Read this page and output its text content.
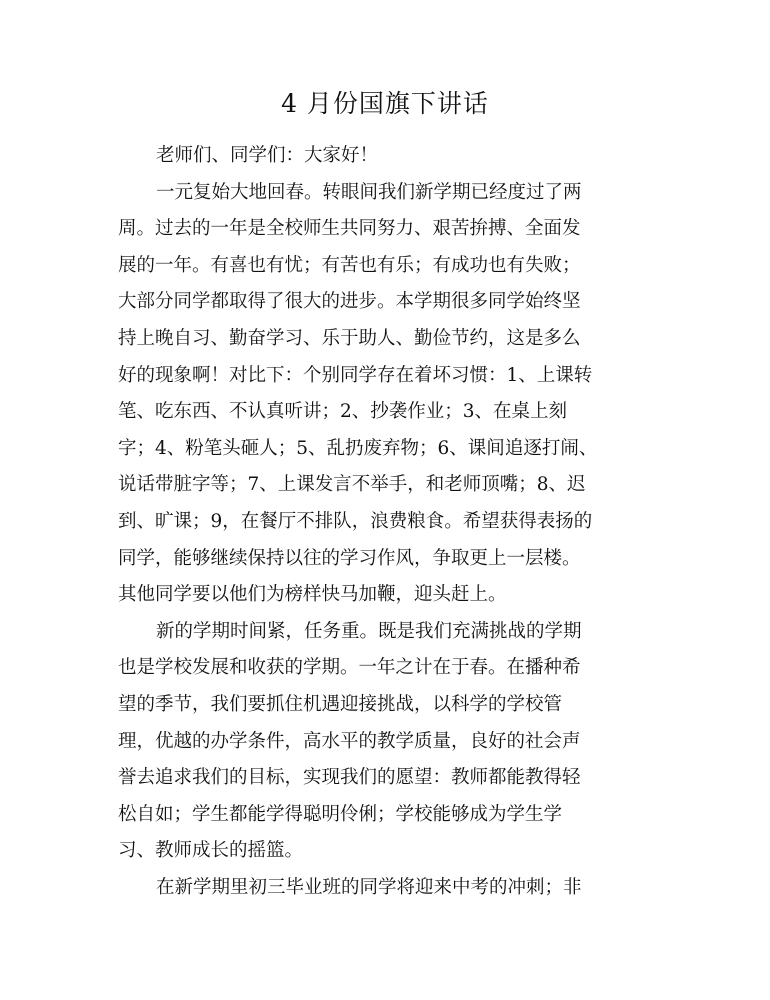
4 月份国旗下讲话
老师们、同学们：大家好！
一元复始大地回春。转眼间我们新学期已经度过了两
周。过去的一年是全校师生共同努力、艰苦拚搏、全面发
展的一年。有喜也有忧；有苦也有乐；有成功也有失败；
大部分同学都取得了很大的进步。本学期很多同学始终坚
持上晚自习、勤奋学习、乐于助人、勤俭节约，这是多么
好的现象啊！对比下：个别同学存在着坏习惯：1、上课转
笔、吃东西、不认真听讲；2、抄袭作业；3、在桌上刻
字；4、粉笔头砸人；5、乱扔废弃物；6、课间追逐打闹、
说话带脏字等；7、上课发言不举手，和老师顶嘴；8、迟
到、旷课；9，在餐厅不排队，浪费粮食。希望获得表扬的
同学，能够继续保持以往的学习作风，争取更上一层楼。
其他同学要以他们为榜样快马加鞭，迎头赶上。
新的学期时间紧，任务重。既是我们充满挑战的学期
也是学校发展和收获的学期。一年之计在于春。在播种希
望的季节，我们要抓住机遇迎接挑战，以科学的学校管
理，优越的办学条件，高水平的教学质量，良好的社会声
誉去追求我们的目标，实现我们的愿望：教师都能教得轻
松自如；学生都能学得聪明伶俐；学校能够成为学生学
习、教师成长的摇篮。
在新学期里初三毕业班的同学将迎来中考的冲刺；非
